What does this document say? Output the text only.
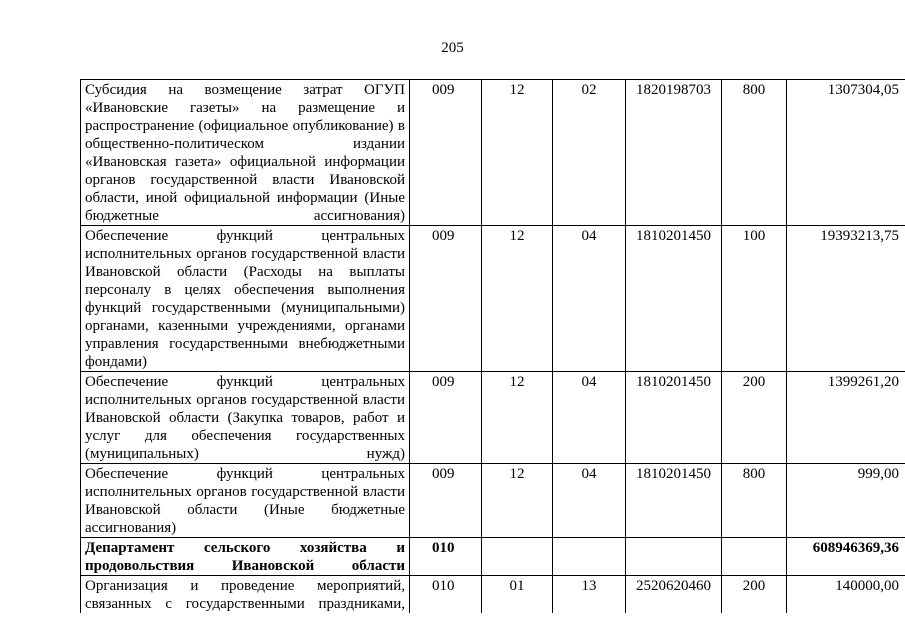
205
Субсидия на возмещение затрат ОГУП «Ивановские газеты» на размещение и распространение (официальное опубликование) в общественно-политическом издании «Ивановская газета» официальной информации органов государственной власти Ивановской области, иной официальной информации (Иные бюджетные ассигнования)	009	12	02	1820198703	800	1307304,05
Обеспечение функций центральных исполнительных органов государственной власти Ивановской области (Расходы на выплаты персоналу в целях обеспечения выполнения функций государственными (муниципальными) органами, казенными учреждениями, органами управления государственными внебюджетными фондами)	009	12	04	1810201450	100	19393213,75
Обеспечение функций центральных исполнительных органов государственной власти Ивановской области (Закупка товаров, работ и услуг для обеспечения государственных (муниципальных) нужд)	009	12	04	1810201450	200	1399261,20
Обеспечение функций центральных исполнительных органов государственной власти Ивановской области (Иные бюджетные ассигнования)	009	12	04	1810201450	800	999,00
Департамент сельского хозяйства и продовольствия Ивановской области	010					608946369,36
Организация и проведение мероприятий, связанных с государственными праздниками,	010	01	13	2520620460	200	140000,00
